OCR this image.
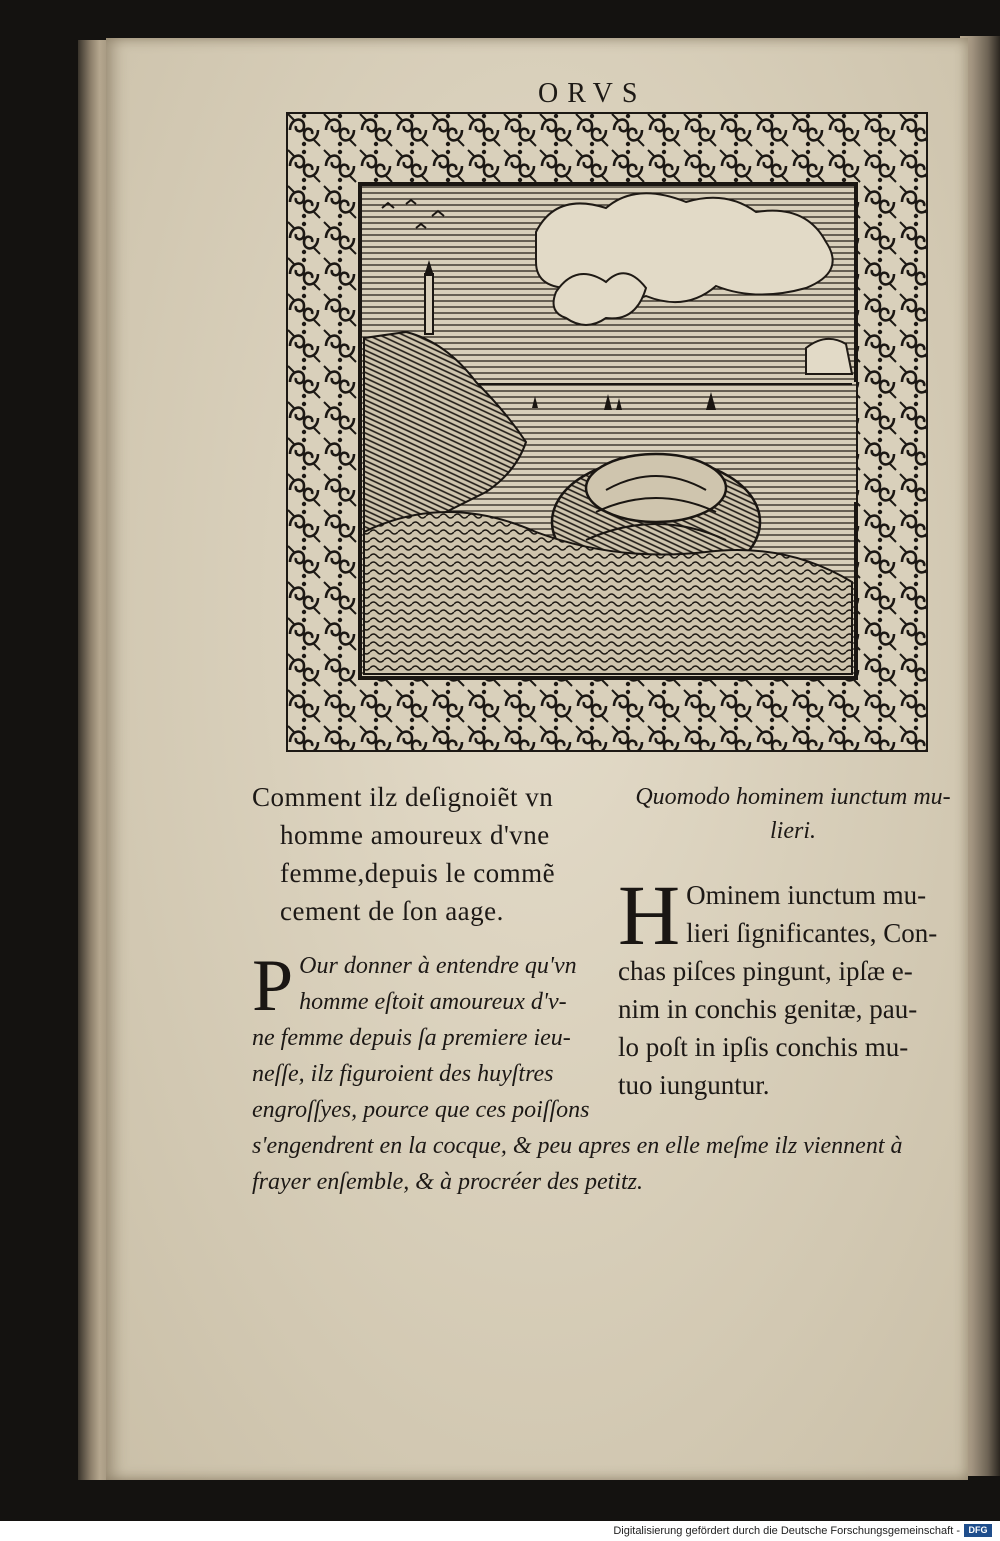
ORVS
Comment ilz deſignoiẽt vn
homme amoureux d'vne
femme,depuis le commẽ
cement de ſon aage.
Quomodo hominem iunctum mu-
lieri.
H Ominem iunctum mu-
lieri ſignificantes, Con-
chas piſces pingunt, ipſæ e-
nim in conchis genitæ, pau-
lo poſt in ipſis conchis mu-
tuo iunguntur.
P Our donner à entendre qu'vn
homme eſtoit amoureux d'v-
ne femme depuis ſa premiere ieu-
neſſe, ilz figuroient des huyſtres
engroſſyes, pource que ces poiſſons
s'engendrent en la cocque, & peu apres en elle meſme ilz viennent à
frayer enſemble, & à procréer des petitz.
Digitalisierung gefördert durch die Deutsche Forschungsgemeinschaft - DFG
